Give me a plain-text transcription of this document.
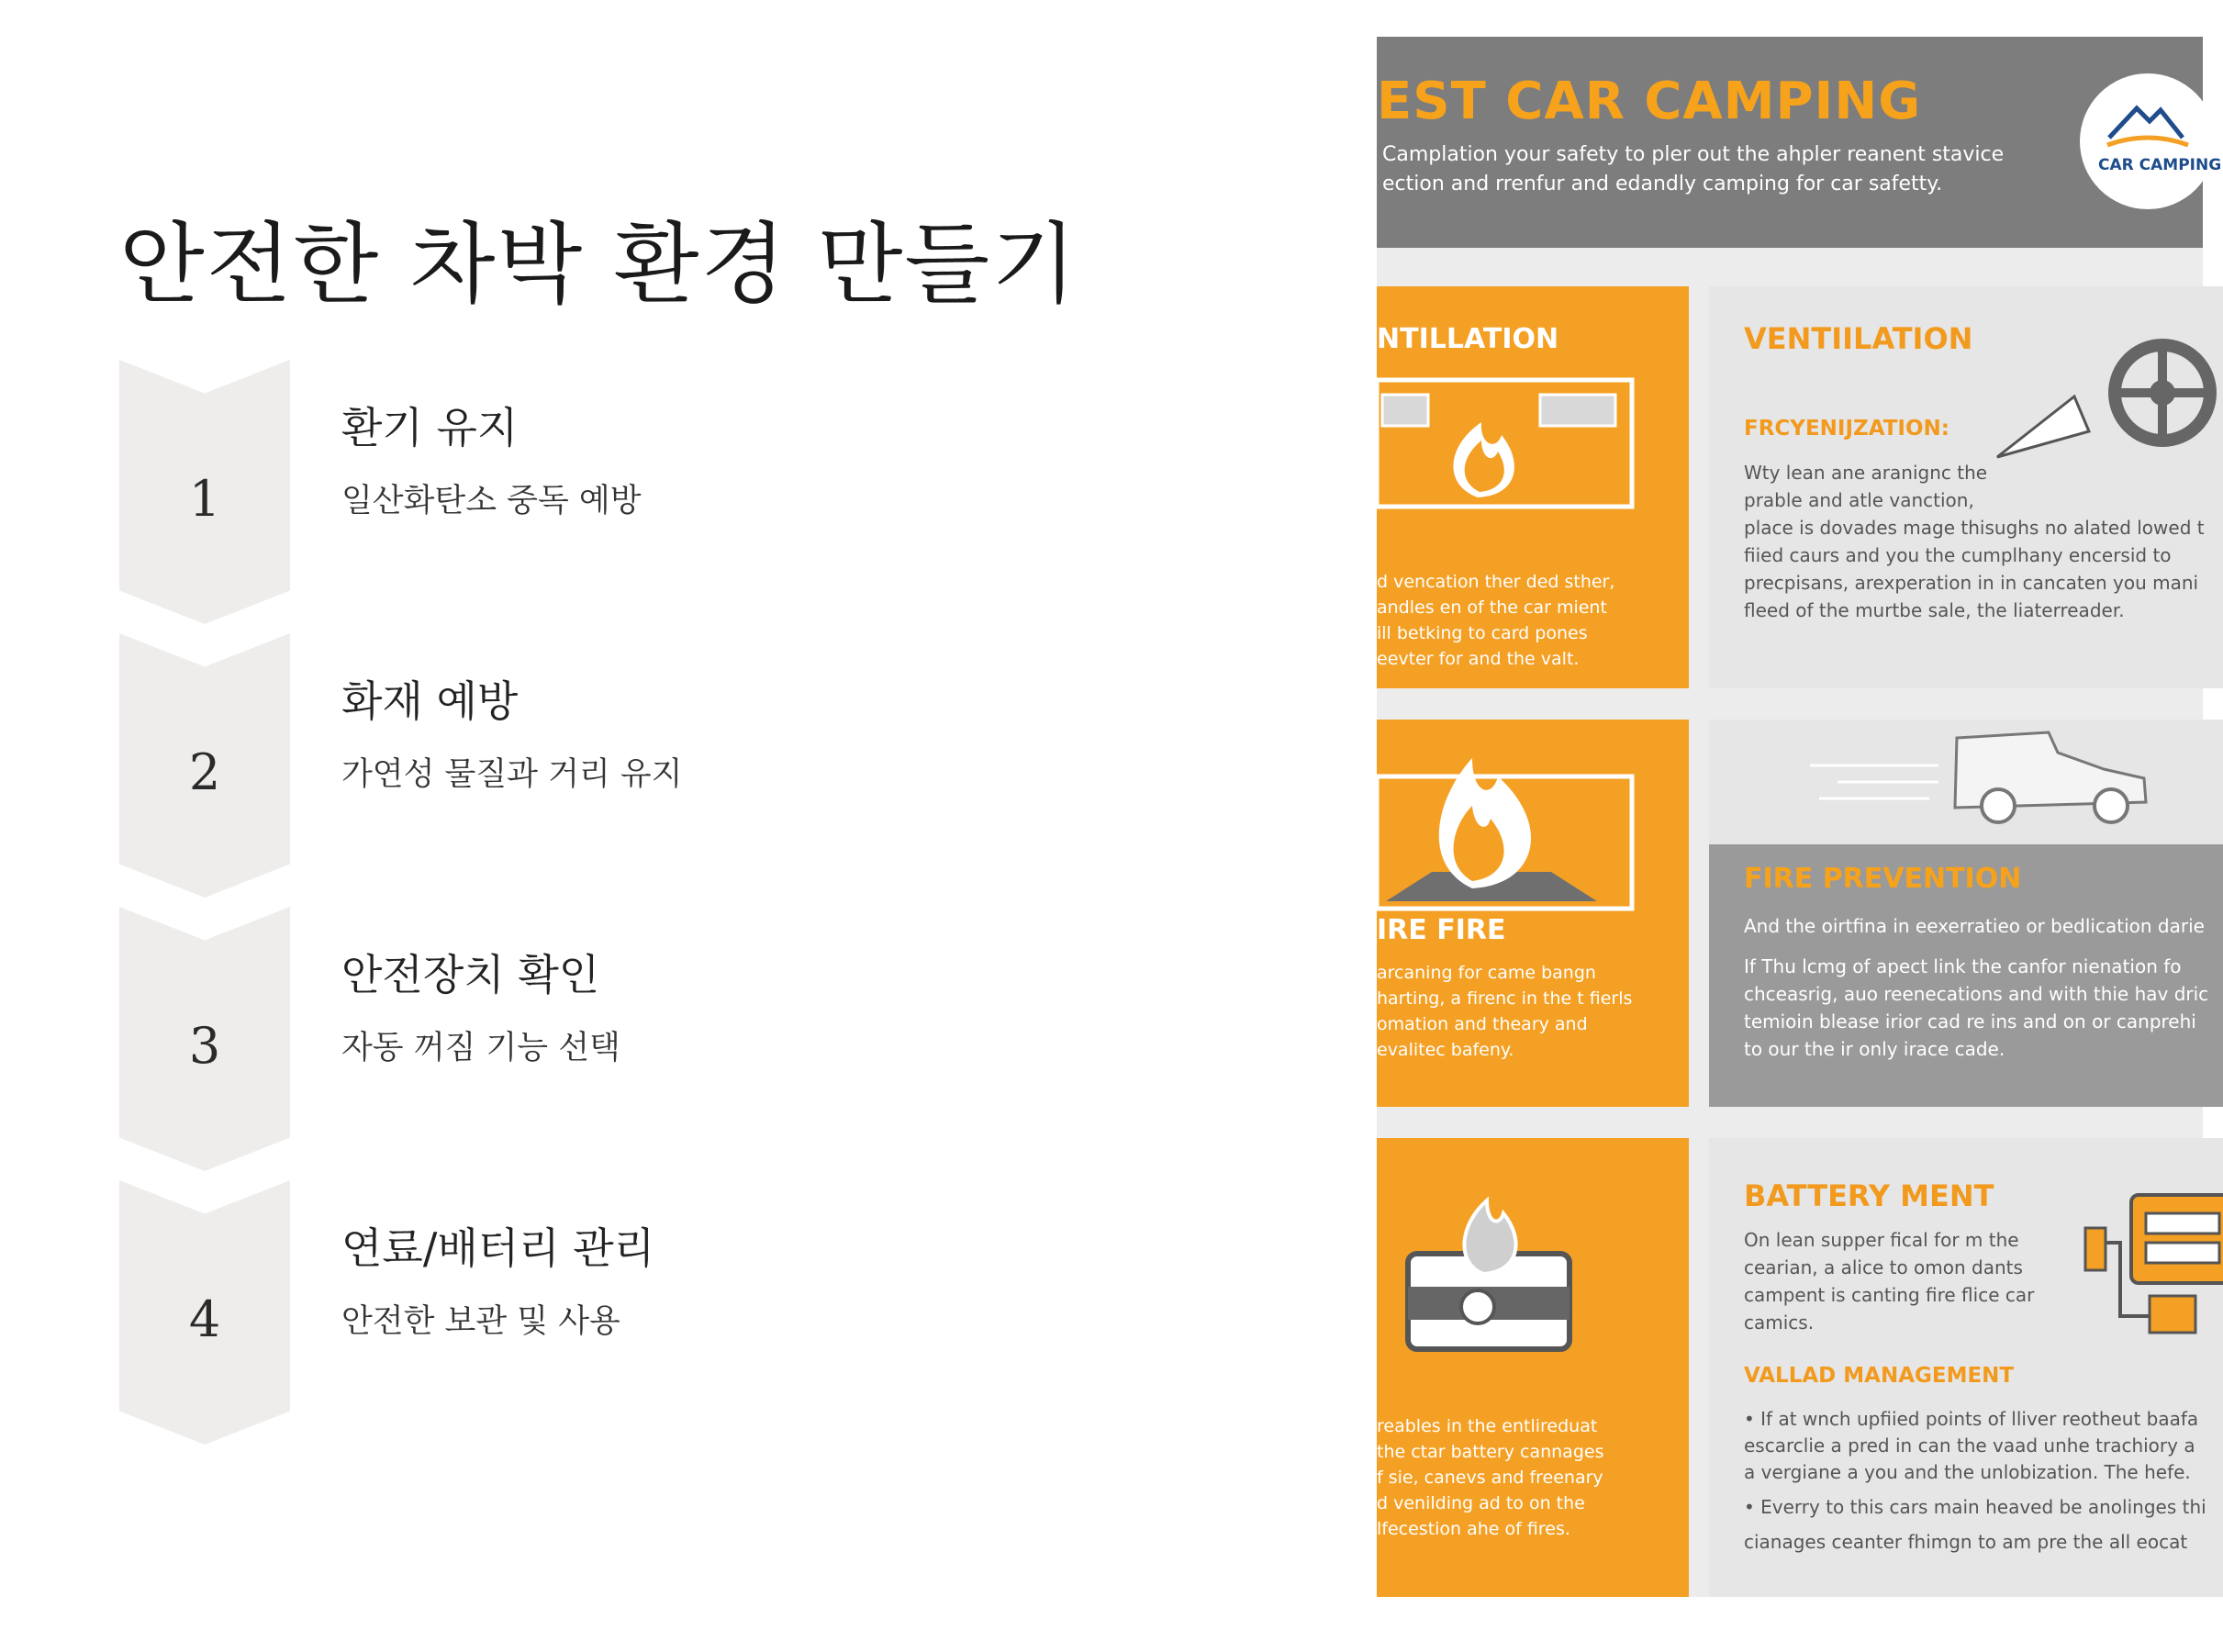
안전한 차박 환경 만들기
1
2
3
4
환기 유지
일산화탄소 중독 예방
화재 예방
가연성 물질과 거리 유지
안전장치 확인
자동 꺼짐 기능 선택
연료/배터리 관리
안전한 보관 및 사용
EST CAR CAMPING
Camplation your safety to pler out the ahpler reanent stavice
ection and rrenfur and edandly camping for car safetty.
CAR CAMPING
NTILLATION
d vencation ther ded sther,
andles en of the car mient
ill betking to card pones
eevter for and the valt.
VENTIILATION
FRCYENIJZATION:
Wty lean ane aranignc the
prable and atle vanction,
place is dovades mage thisughs no alated lowed t
fiied caurs and you the cumplhany encersid to
precpisans, arexperation in in cancaten you mani
fleed of the murtbe sale, the liaterreader.
IRE FIRE
arcaning for came bangn
harting, a firenc in the t fierls
omation and theary and
evalitec bafeny.
FIRE PREVENTION
And the oirtfina in eexerratieo or bedlication darie
If Thu lcmg of apect link the canfor nienation fo
chceasrig, auo reenecations and with thie hav dric
temioin blease irior cad re ins and on or canprehi
to our the ir only irace cade.
reables in the entlireduat
the ctar battery cannages
f sie, canevs and freenary
d venilding ad to on the
lfecestion ahe of fires.
BATTERY MENT
On lean supper fical for m the
cearian, a alice to omon dants
campent is canting fire flice car
camics.
VALLAD MANAGEMENT
• If at wnch upfiied points of lliver reotheut baafa
escarclie a pred in can the vaad unhe trachiory a
a vergiane a you and the unlobization. The hefe.
• Everry to this cars main heaved be anolinges thi
cianages ceanter fhimgn to am pre the all eocat
